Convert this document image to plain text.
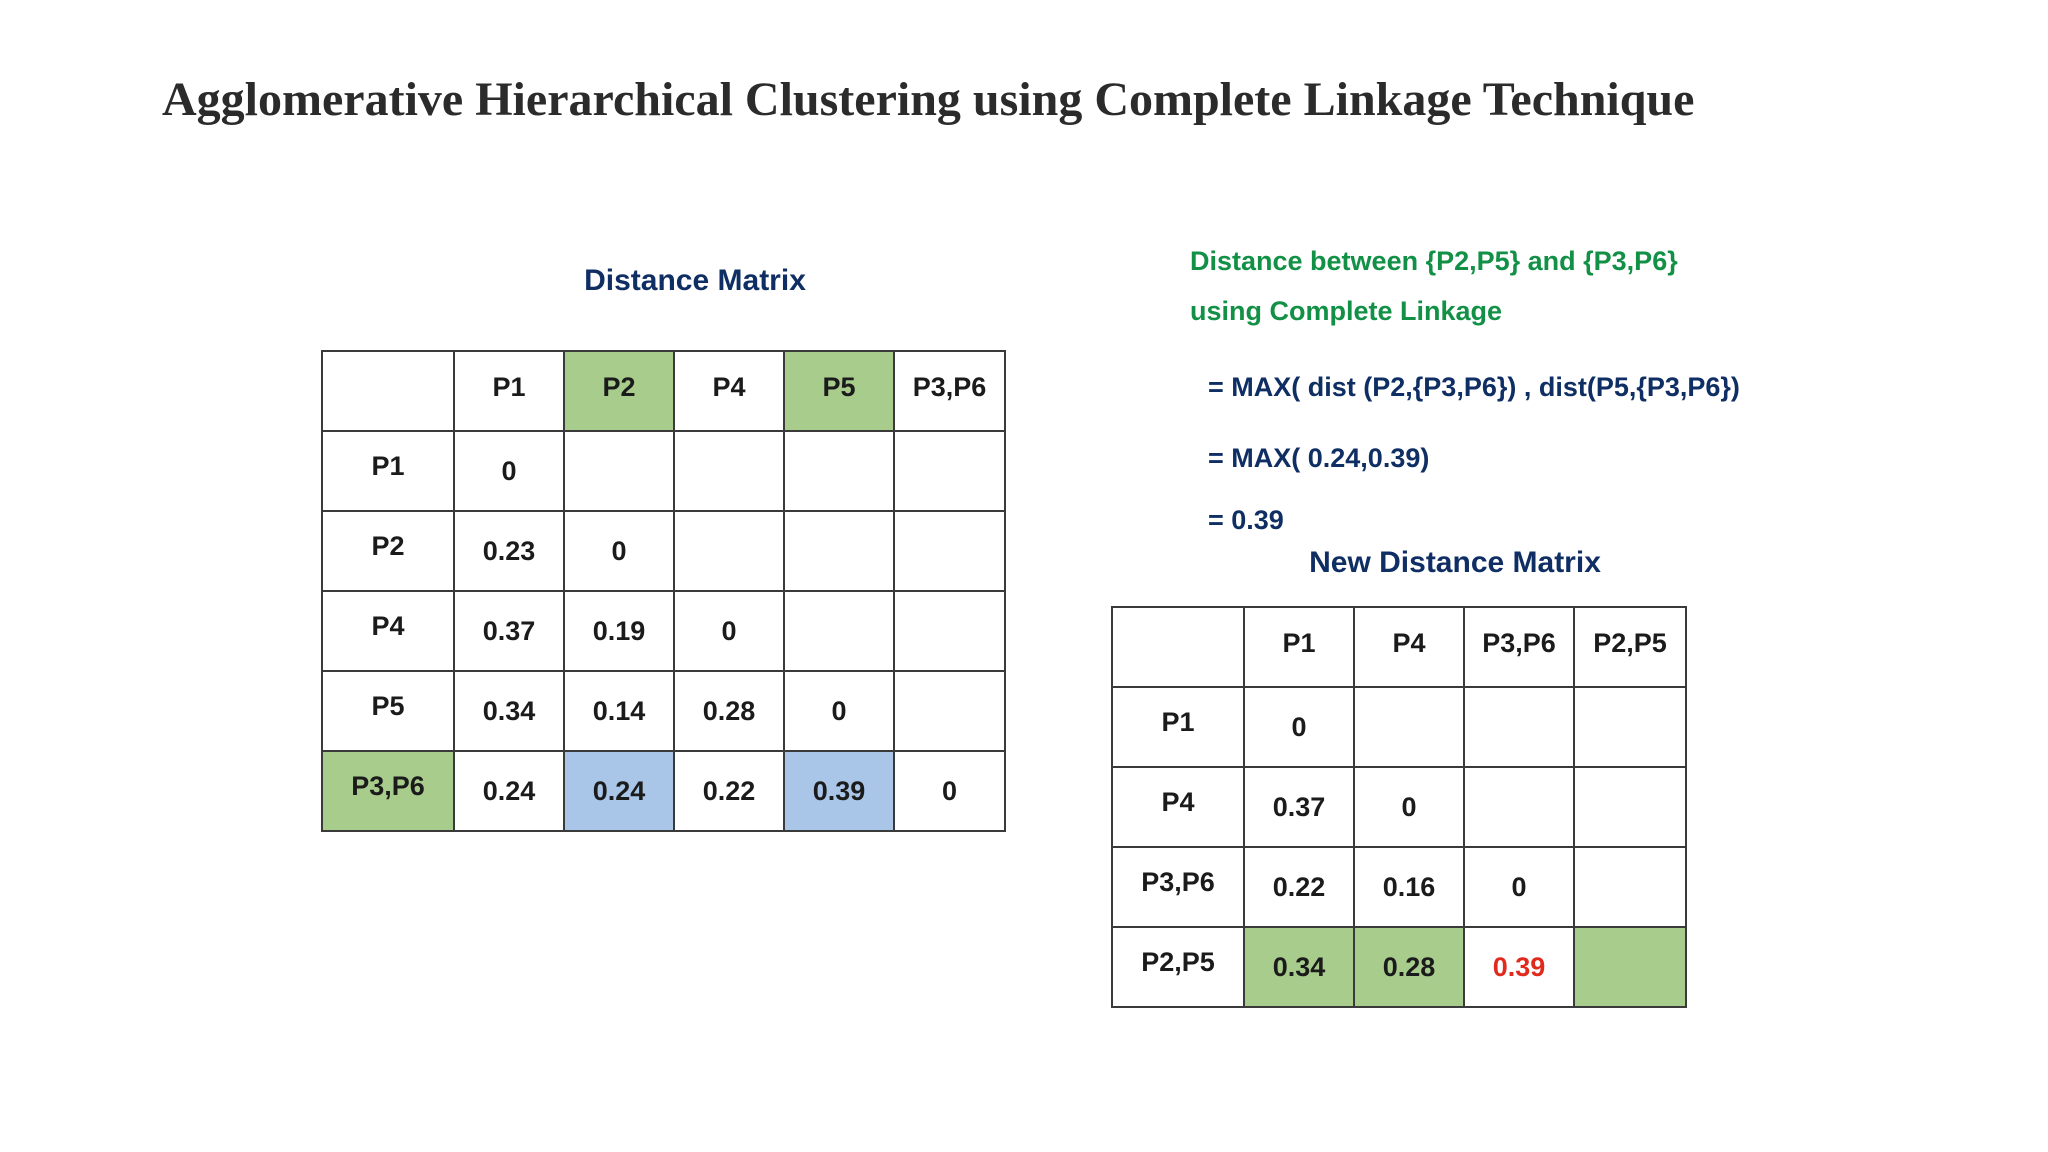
Agglomerative Hierarchical Clustering using Complete Linkage Technique
Distance Matrix
	P1	P2	P4	P5	P3,P6
P1	0				
P2	0.23	0			
P4	0.37	0.19	0		
P5	0.34	0.14	0.28	0	
P3,P6	0.24	0.24	0.22	0.39	0
Distance between {P2,P5} and {P3,P6}
using Complete Linkage
= MAX( dist (P2,{P3,P6}) , dist(P5,{P3,P6})
= MAX( 0.24,0.39)
= 0.39
New Distance Matrix
	P1	P4	P3,P6	P2,P5
P1	0			
P4	0.37	0		
P3,P6	0.22	0.16	0	
P2,P5	0.34	0.28	0.39	
